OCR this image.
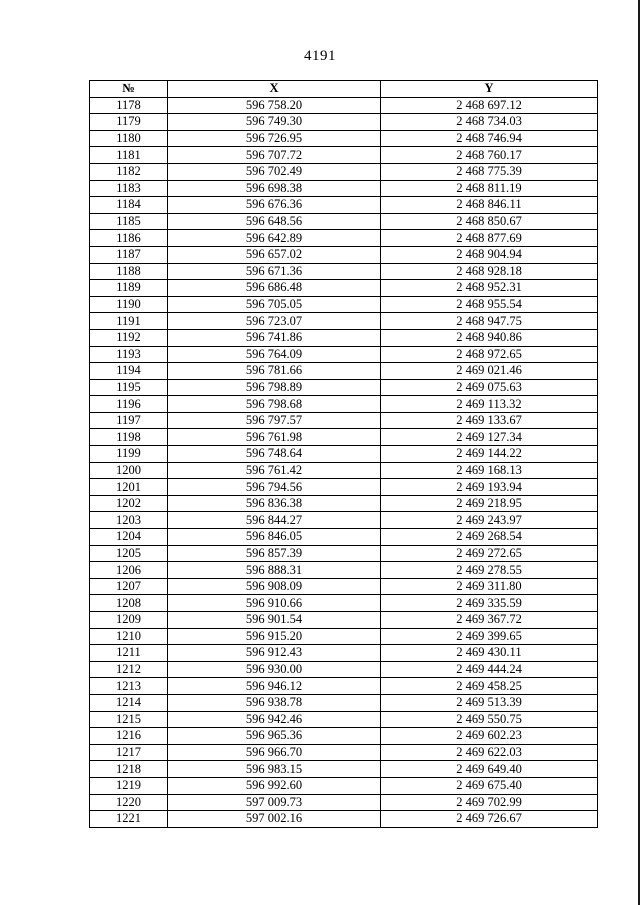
4191
№	X	Y
1178	596 758.20	2 468 697.12
1179	596 749.30	2 468 734.03
1180	596 726.95	2 468 746.94
1181	596 707.72	2 468 760.17
1182	596 702.49	2 468 775.39
1183	596 698.38	2 468 811.19
1184	596 676.36	2 468 846.11
1185	596 648.56	2 468 850.67
1186	596 642.89	2 468 877.69
1187	596 657.02	2 468 904.94
1188	596 671.36	2 468 928.18
1189	596 686.48	2 468 952.31
1190	596 705.05	2 468 955.54
1191	596 723.07	2 468 947.75
1192	596 741.86	2 468 940.86
1193	596 764.09	2 468 972.65
1194	596 781.66	2 469 021.46
1195	596 798.89	2 469 075.63
1196	596 798.68	2 469 113.32
1197	596 797.57	2 469 133.67
1198	596 761.98	2 469 127.34
1199	596 748.64	2 469 144.22
1200	596 761.42	2 469 168.13
1201	596 794.56	2 469 193.94
1202	596 836.38	2 469 218.95
1203	596 844.27	2 469 243.97
1204	596 846.05	2 469 268.54
1205	596 857.39	2 469 272.65
1206	596 888.31	2 469 278.55
1207	596 908.09	2 469 311.80
1208	596 910.66	2 469 335.59
1209	596 901.54	2 469 367.72
1210	596 915.20	2 469 399.65
1211	596 912.43	2 469 430.11
1212	596 930.00	2 469 444.24
1213	596 946.12	2 469 458.25
1214	596 938.78	2 469 513.39
1215	596 942.46	2 469 550.75
1216	596 965.36	2 469 602.23
1217	596 966.70	2 469 622.03
1218	596 983.15	2 469 649.40
1219	596 992.60	2 469 675.40
1220	597 009.73	2 469 702.99
1221	597 002.16	2 469 726.67
